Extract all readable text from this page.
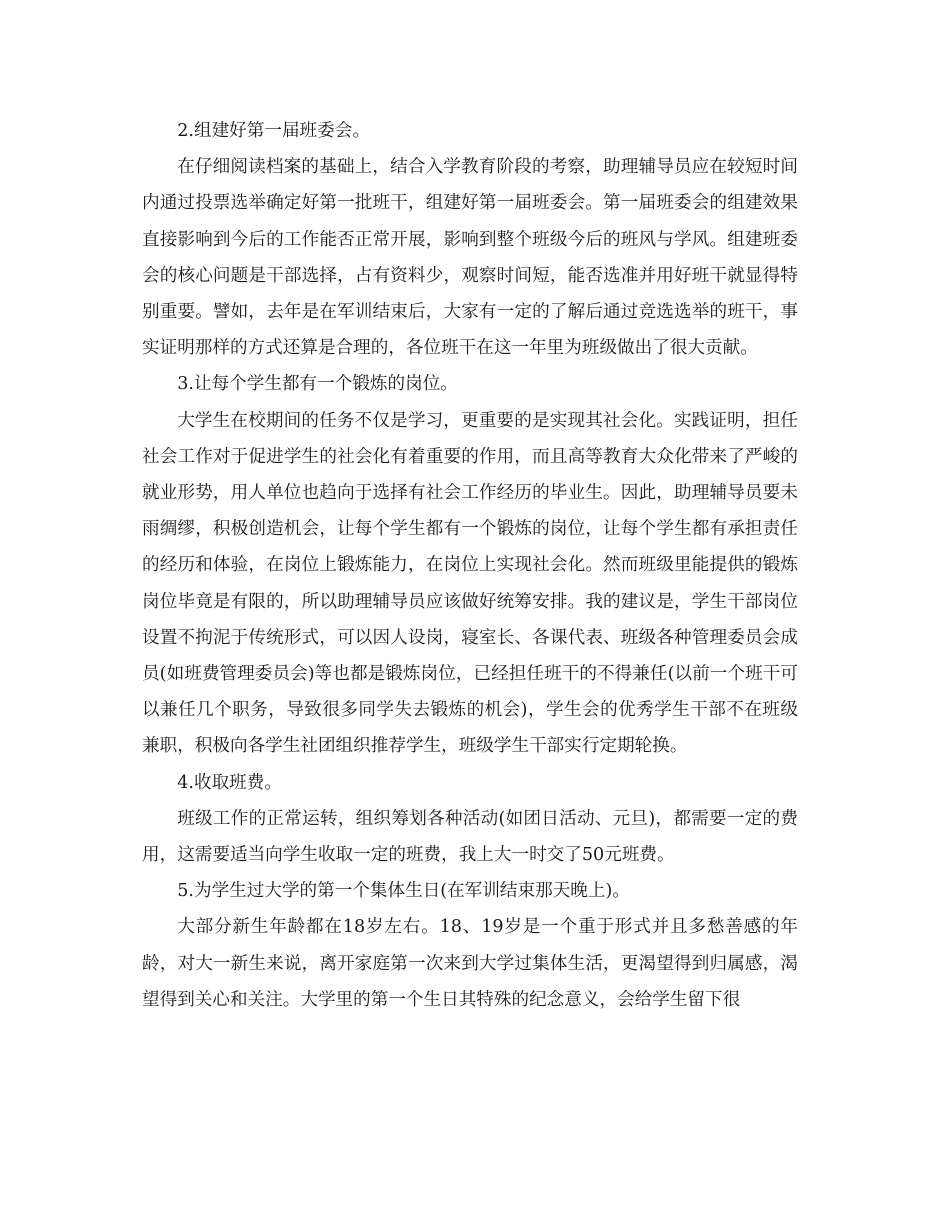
2.组建好第一届班委会。

在仔细阅读档案的基础上，结合入学教育阶段的考察，助理辅导员应在较短时间内通过投票选举确定好第一批班干，组建好第一届班委会。第一届班委会的组建效果直接影响到今后的工作能否正常开展，影响到整个班级今后的班风与学风。组建班委会的核心问题是干部选择，占有资料少，观察时间短，能否选准并用好班干就显得特别重要。譬如，去年是在军训结束后，大家有一定的了解后通过竞选选举的班干，事实证明那样的方式还算是合理的，各位班干在这一年里为班级做出了很大贡献。

3.让每个学生都有一个锻炼的岗位。

大学生在校期间的任务不仅是学习，更重要的是实现其社会化。实践证明，担任社会工作对于促进学生的社会化有着重要的作用，而且高等教育大众化带来了严峻的就业形势，用人单位也趋向于选择有社会工作经历的毕业生。因此，助理辅导员要未雨绸缪，积极创造机会，让每个学生都有一个锻炼的岗位，让每个学生都有承担责任的经历和体验，在岗位上锻炼能力，在岗位上实现社会化。然而班级里能提供的锻炼岗位毕竟是有限的，所以助理辅导员应该做好统筹安排。我的建议是，学生干部岗位设置不拘泥于传统形式，可以因人设岗，寝室长、各课代表、班级各种管理委员会成员(如班费管理委员会)等也都是锻炼岗位，已经担任班干的不得兼任(以前一个班干可以兼任几个职务，导致很多同学失去锻炼的机会)，学生会的优秀学生干部不在班级兼职，积极向各学生社团组织推荐学生，班级学生干部实行定期轮换。

4.收取班费。

班级工作的正常运转，组织筹划各种活动(如团日活动、元旦)，都需要一定的费用，这需要适当向学生收取一定的班费，我上大一时交了50元班费。

5.为学生过大学的第一个集体生日(在军训结束那天晚上)。

大部分新生年龄都在18岁左右。18、19岁是一个重于形式并且多愁善感的年龄，对大一新生来说，离开家庭第一次来到大学过集体生活，更渴望得到归属感，渴望得到关心和关注。大学里的第一个生日其特殊的纪念意义，会给学生留下很
